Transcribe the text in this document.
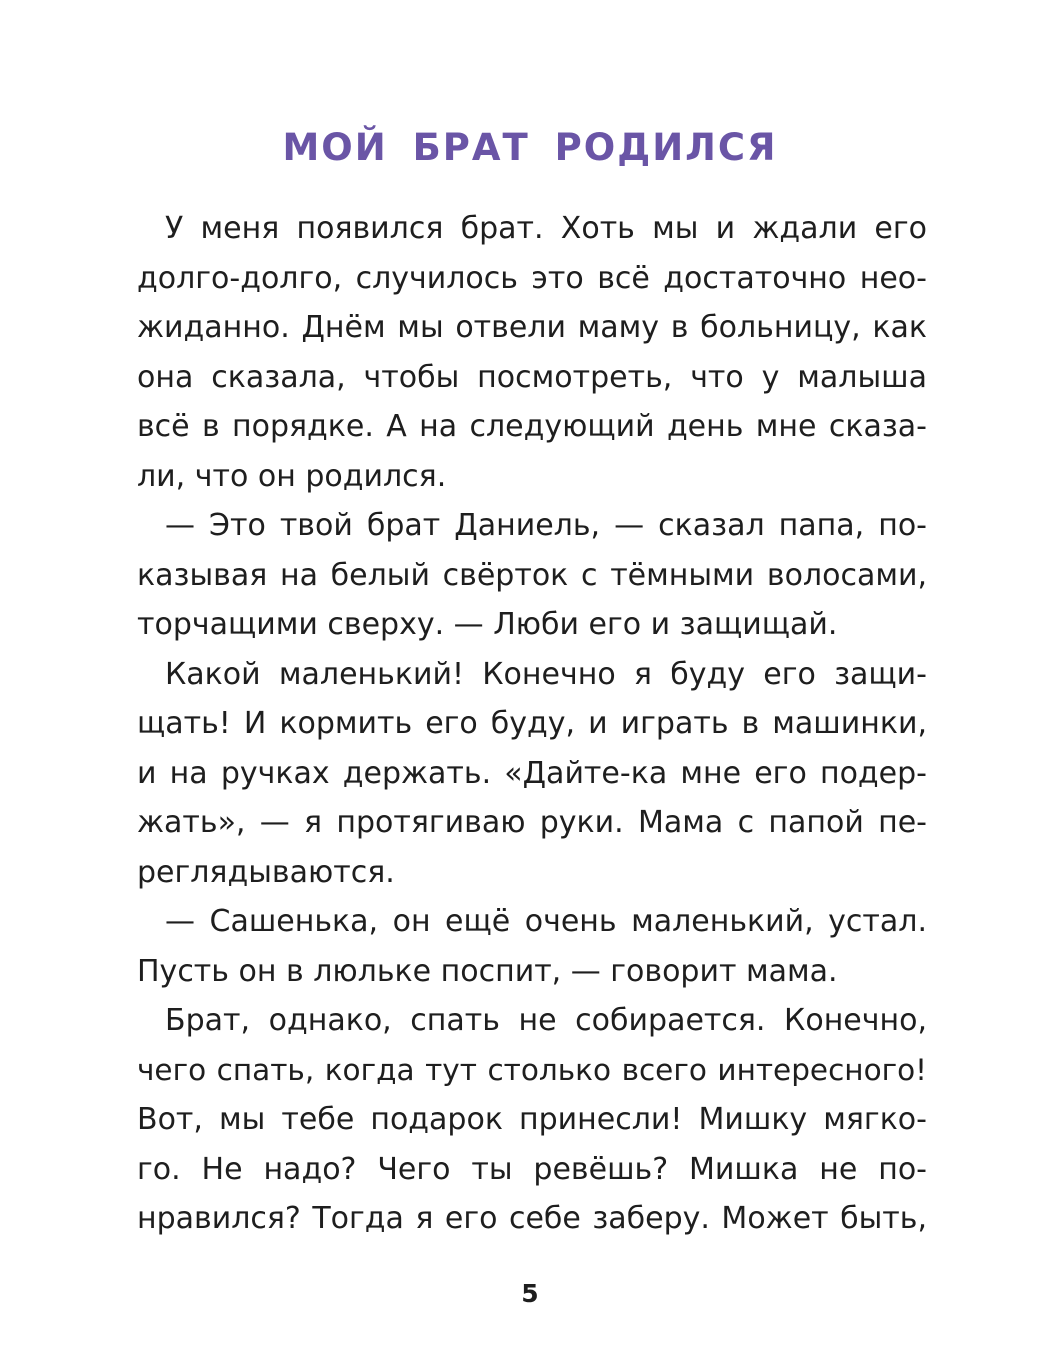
МОЙ БРАТ РОДИЛСЯ
У меня появился брат. Хоть мы и ждали его
долго-долго, случилось это всё достаточно нео-
жиданно. Днём мы отвели маму в больницу, как
она сказала, чтобы посмотреть, что у малыша
всё в порядке. А на следующий день мне сказа-
ли, что он родился.
— Это твой брат Даниель, — сказал папа, по-
казывая на белый свёрток с тёмными волосами,
торчащими сверху. — Люби его и защищай.
Какой маленький! Конечно я буду его защи-
щать! И кормить его буду, и играть в машинки,
и на ручках держать. «Дайте-ка мне его подер-
жать», — я протягиваю руки. Мама с папой пе-
реглядываются.
— Сашенька, он ещё очень маленький, устал.
Пусть он в люльке поспит, — говорит мама.
Брат, однако, спать не собирается. Конечно,
чего спать, когда тут столько всего интересного!
Вот, мы тебе подарок принесли! Мишку мягко-
го. Не надо? Чего ты ревёшь? Мишка не по-
нравился? Тогда я его себе заберу. Может быть,
5
